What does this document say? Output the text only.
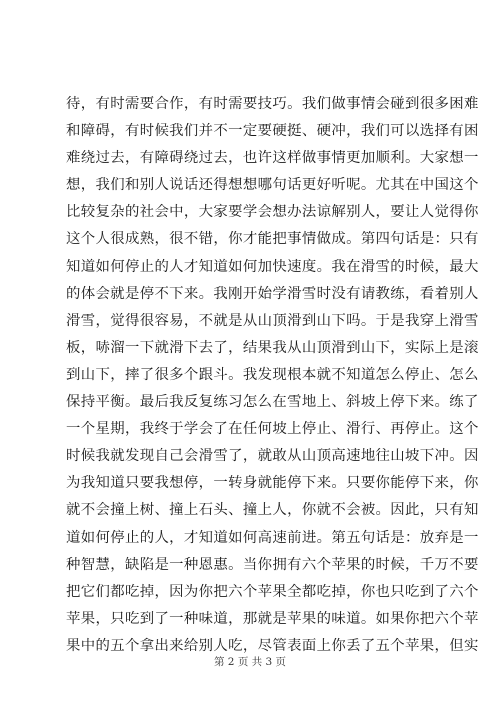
待，有时需要合作，有时需要技巧。我们做事情会碰到很多困难
和障碍，有时候我们并不一定要硬挺、硬冲，我们可以选择有困
难绕过去，有障碍绕过去，也许这样做事情更加顺利。大家想一
想，我们和别人说话还得想想哪句话更好听呢。尤其在中国这个
比较复杂的社会中，大家要学会想办法谅解别人，要让人觉得你
这个人很成熟，很不错，你才能把事情做成。第四句话是：只有
知道如何停止的人才知道如何加快速度。我在滑雪的时候，最大
的体会就是停不下来。我刚开始学滑雪时没有请教练，看着别人
滑雪，觉得很容易，不就是从山顶滑到山下吗。于是我穿上滑雪
板，哧溜一下就滑下去了，结果我从山顶滑到山下，实际上是滚
到山下，摔了很多个跟斗。我发现根本就不知道怎么停止、怎么
保持平衡。最后我反复练习怎么在雪地上、斜坡上停下来。练了
一个星期，我终于学会了在任何坡上停止、滑行、再停止。这个
时候我就发现自己会滑雪了，就敢从山顶高速地往山坡下冲。因
为我知道只要我想停，一转身就能停下来。只要你能停下来，你
就不会撞上树、撞上石头、撞上人，你就不会被。因此，只有知
道如何停止的人，才知道如何高速前进。第五句话是：放弃是一
种智慧，缺陷是一种恩惠。当你拥有六个苹果的时候，千万不要
把它们都吃掉，因为你把六个苹果全都吃掉，你也只吃到了六个
苹果，只吃到了一种味道，那就是苹果的味道。如果你把六个苹
果中的五个拿出来给别人吃，尽管表面上你丢了五个苹果，但实
第 2 页 共 3 页
